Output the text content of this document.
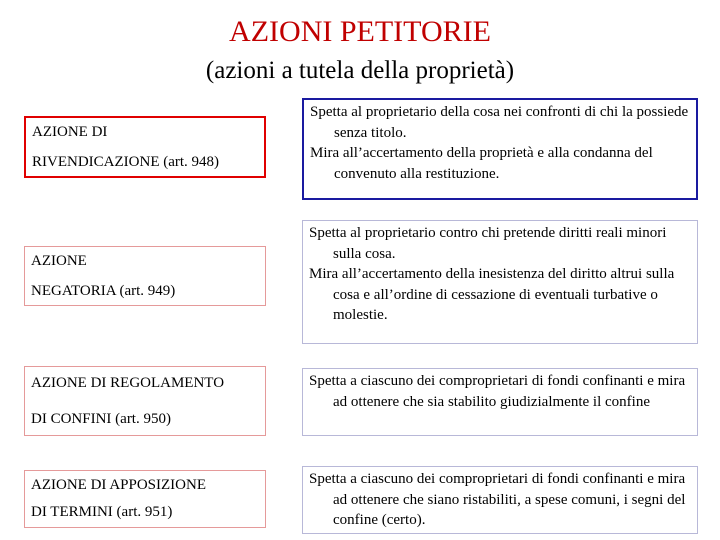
AZIONI PETITORIE
(azioni a tutela della proprietà)
AZIONE DI
RIVENDICAZIONE (art. 948)

Spetta al proprietario della cosa nei confronti di chi la possiede senza titolo.

Mira all’accertamento della proprietà e alla condanna del convenuto alla restituzione.

AZIONE
NEGATORIA (art. 949)

Spetta al proprietario contro chi pretende diritti reali minori sulla cosa.

Mira all’accertamento della inesistenza del diritto altrui sulla cosa e all’ordine di cessazione di eventuali turbative o molestie.

AZIONE DI REGOLAMENTO
DI CONFINI (art. 950)

Spetta a ciascuno dei comproprietari di fondi confinanti e mira ad ottenere che sia stabilito giudizialmente il confine

AZIONE DI APPOSIZIONE
DI TERMINI (art. 951)

Spetta a ciascuno dei comproprietari di fondi confinanti e mira ad ottenere che siano ristabiliti, a spese comuni, i segni del confine (certo).
